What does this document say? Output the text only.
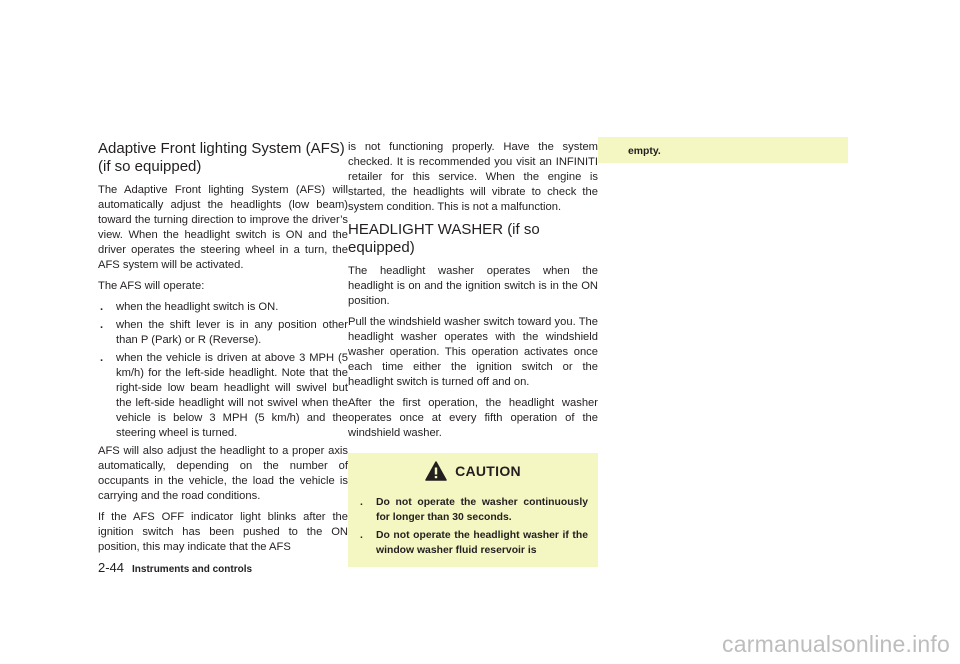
Adaptive Front lighting System (AFS) (if so equipped)

The Adaptive Front lighting System (AFS) will automatically adjust the headlights (low beam) toward the turning direction to improve the driver’s view. When the headlight switch is ON and the driver operates the steering wheel in a turn, the AFS system will be activated.

The AFS will operate:

. when the headlight switch is ON.
. when the shift lever is in any position other than P (Park) or R (Reverse).
. when the vehicle is driven at above 3 MPH (5 km/h) for the left-side headlight. Note that the right-side low beam headlight will swivel but the left-side headlight will not swivel when the vehicle is below 3 MPH (5 km/h) and the steering wheel is turned.

AFS will also adjust the headlight to a proper axis automatically, depending on the number of occupants in the vehicle, the load the vehicle is carrying and the road conditions.

If the AFS OFF indicator light blinks after the ignition switch has been pushed to the ON position, this may indicate that the AFS

is not functioning properly. Have the system checked. It is recommended you visit an INFINITI retailer for this service. When the engine is started, the headlights will vibrate to check the system condition. This is not a malfunction.

HEADLIGHT WASHER (if so equipped)

The headlight washer operates when the headlight is on and the ignition switch is in the ON position.

Pull the windshield washer switch toward you. The headlight washer operates with the windshield washer operation. This operation activates once each time either the ignition switch or the headlight switch is turned off and on.

After the first operation, the headlight washer operates once at every fifth operation of the windshield washer.

CAUTION
. Do not operate the washer continuously for longer than 30 seconds.
. Do not operate the headlight washer if the window washer fluid reservoir is
empty.
2-44 Instruments and controls
carmanualsonline.info
